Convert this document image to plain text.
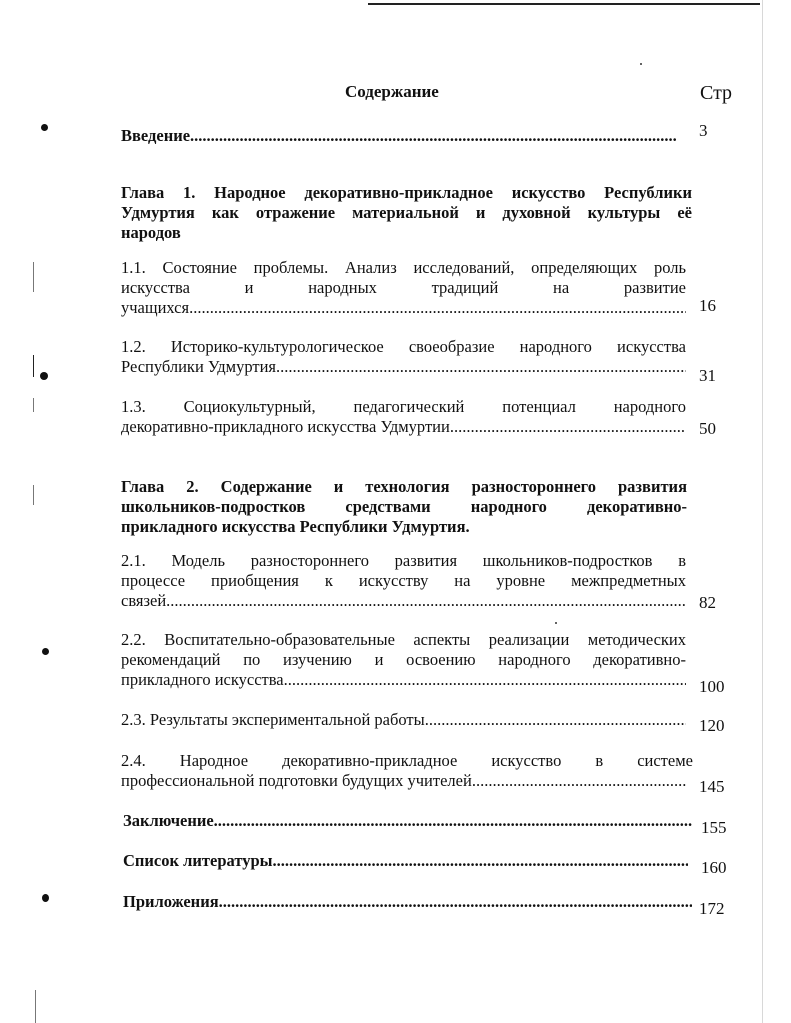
Содержание	Стр
Введение .....	3
Глава 1. Народное декоративно-прикладное искусство Республики
Удмуртия как отражение материальной и духовной культуры её
народов
1.1. Состояние проблемы. Анализ исследований, определяющих роль
искусства и народных традиций на развитие
учащихся .....	16
1.2. Историко-культурологическое своеобразие народного искусства
Республики Удмуртия .....	31
1.3. Социокультурный, педагогический потенциал народного
декоративно-прикладного искусства Удмуртии .....	50
Глава 2. Содержание и технология разностороннего развития
школьников-подростков средствами народного декоративно-
прикладного искусства Республики Удмуртия.
2.1. Модель разностороннего развития школьников-подростков в
процессе приобщения к искусству на уровне межпредметных
связей .....	82
2.2. Воспитательно-образовательные аспекты реализации методических
рекомендаций по изучению и освоению народного декоративно-
прикладного искусства .....	100
2.3. Результаты экспериментальной работы .....	120
2.4. Народное декоративно-прикладное искусство в системе
профессиональной подготовки будущих учителей .....	145
Заключение .....	155
Список литературы .....	160
Приложения .....	172
